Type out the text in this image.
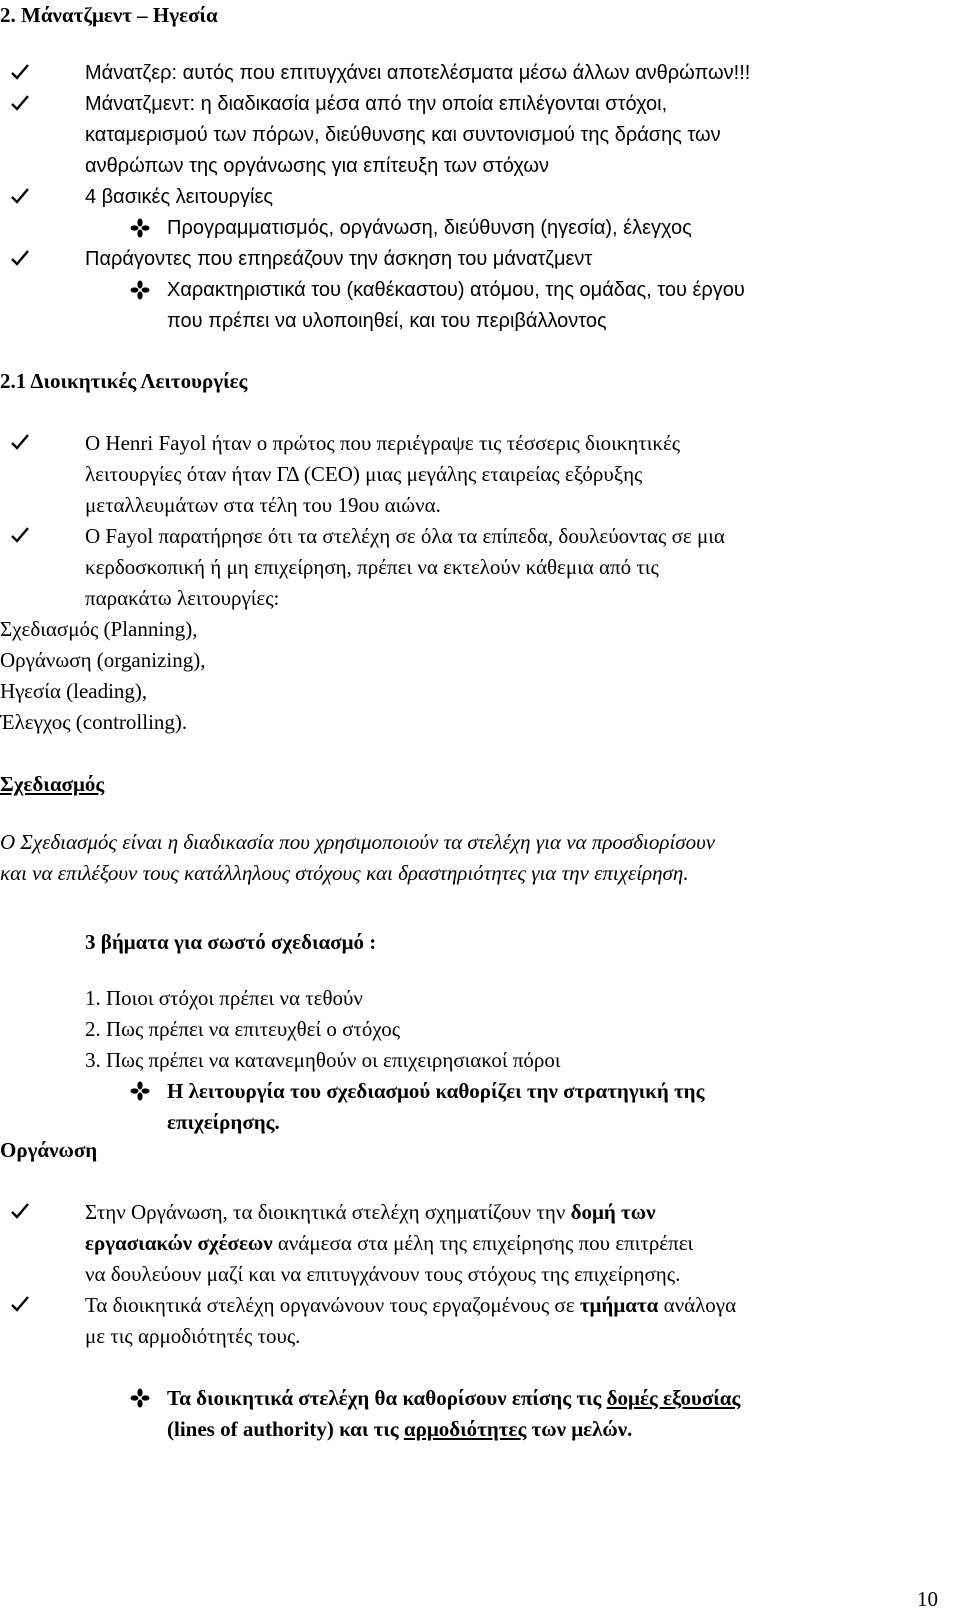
2. Μάνατζμεντ – Ηγεσία
Μάνατζερ: αυτός που επιτυγχάνει αποτελέσματα μέσω άλλων ανθρώπων!!!
Μάνατζμεντ: η διαδικασία μέσα από την οποία επιλέγονται στόχοι,
καταμερισμού των πόρων, διεύθυνσης και συντονισμού της δράσης των
ανθρώπων της οργάνωσης για επίτευξη των στόχων
4 βασικές λειτουργίες
Προγραμματισμός, οργάνωση, διεύθυνση (ηγεσία), έλεγχος
Παράγοντες που επηρεάζουν την άσκηση του μάνατζμεντ
Χαρακτηριστικά του (καθέκαστου) ατόμου, της ομάδας, του έργου
που πρέπει να υλοποιηθεί, και του περιβάλλοντος
2.1 Διοικητικές Λειτουργίες
Ο Henri Fayol ήταν ο πρώτος που περιέγραψε τις τέσσερις διοικητικές
λειτουργίες όταν ήταν ΓΔ (CEO) μιας μεγάλης εταιρείας εξόρυξης
μεταλλευμάτων στα τέλη του 19ου αιώνα.
Ο Fayol παρατήρησε ότι τα στελέχη σε όλα τα επίπεδα, δουλεύοντας σε μια
κερδοσκοπική ή μη επιχείρηση, πρέπει να εκτελούν κάθεμια από τις
παρακάτω λειτουργίες:
Σχεδιασμός (Planning),
Οργάνωση (organizing),
Ηγεσία (leading),
Έλεγχος (controlling).
Σχεδιασμός
Ο Σχεδιασμός είναι η διαδικασία που χρησιμοποιούν τα στελέχη για να προσδιορίσουν
και να επιλέξουν τους κατάλληλους στόχους και δραστηριότητες για την επιχείρηση.
3 βήματα για σωστό σχεδιασμό :
1. Ποιοι στόχοι πρέπει να τεθούν
2. Πως πρέπει να επιτευχθεί ο στόχος
3. Πως πρέπει να κατανεμηθούν οι επιχειρησιακοί πόροι
Η λειτουργία του σχεδιασμού καθορίζει την στρατηγική της
επιχείρησης.
Οργάνωση
Στην Οργάνωση, τα διοικητικά στελέχη σχηματίζουν την δομή των
εργασιακών σχέσεων ανάμεσα στα μέλη της επιχείρησης που επιτρέπει
να δουλεύουν μαζί και να επιτυγχάνουν τους στόχους της επιχείρησης.
Τα διοικητικά στελέχη οργανώνουν τους εργαζομένους σε τμήματα ανάλογα
με τις αρμοδιότητές τους.
Τα διοικητικά στελέχη θα καθορίσουν επίσης τις δομές εξουσίας
(lines of authority) και τις αρμοδιότητες των μελών.
10
